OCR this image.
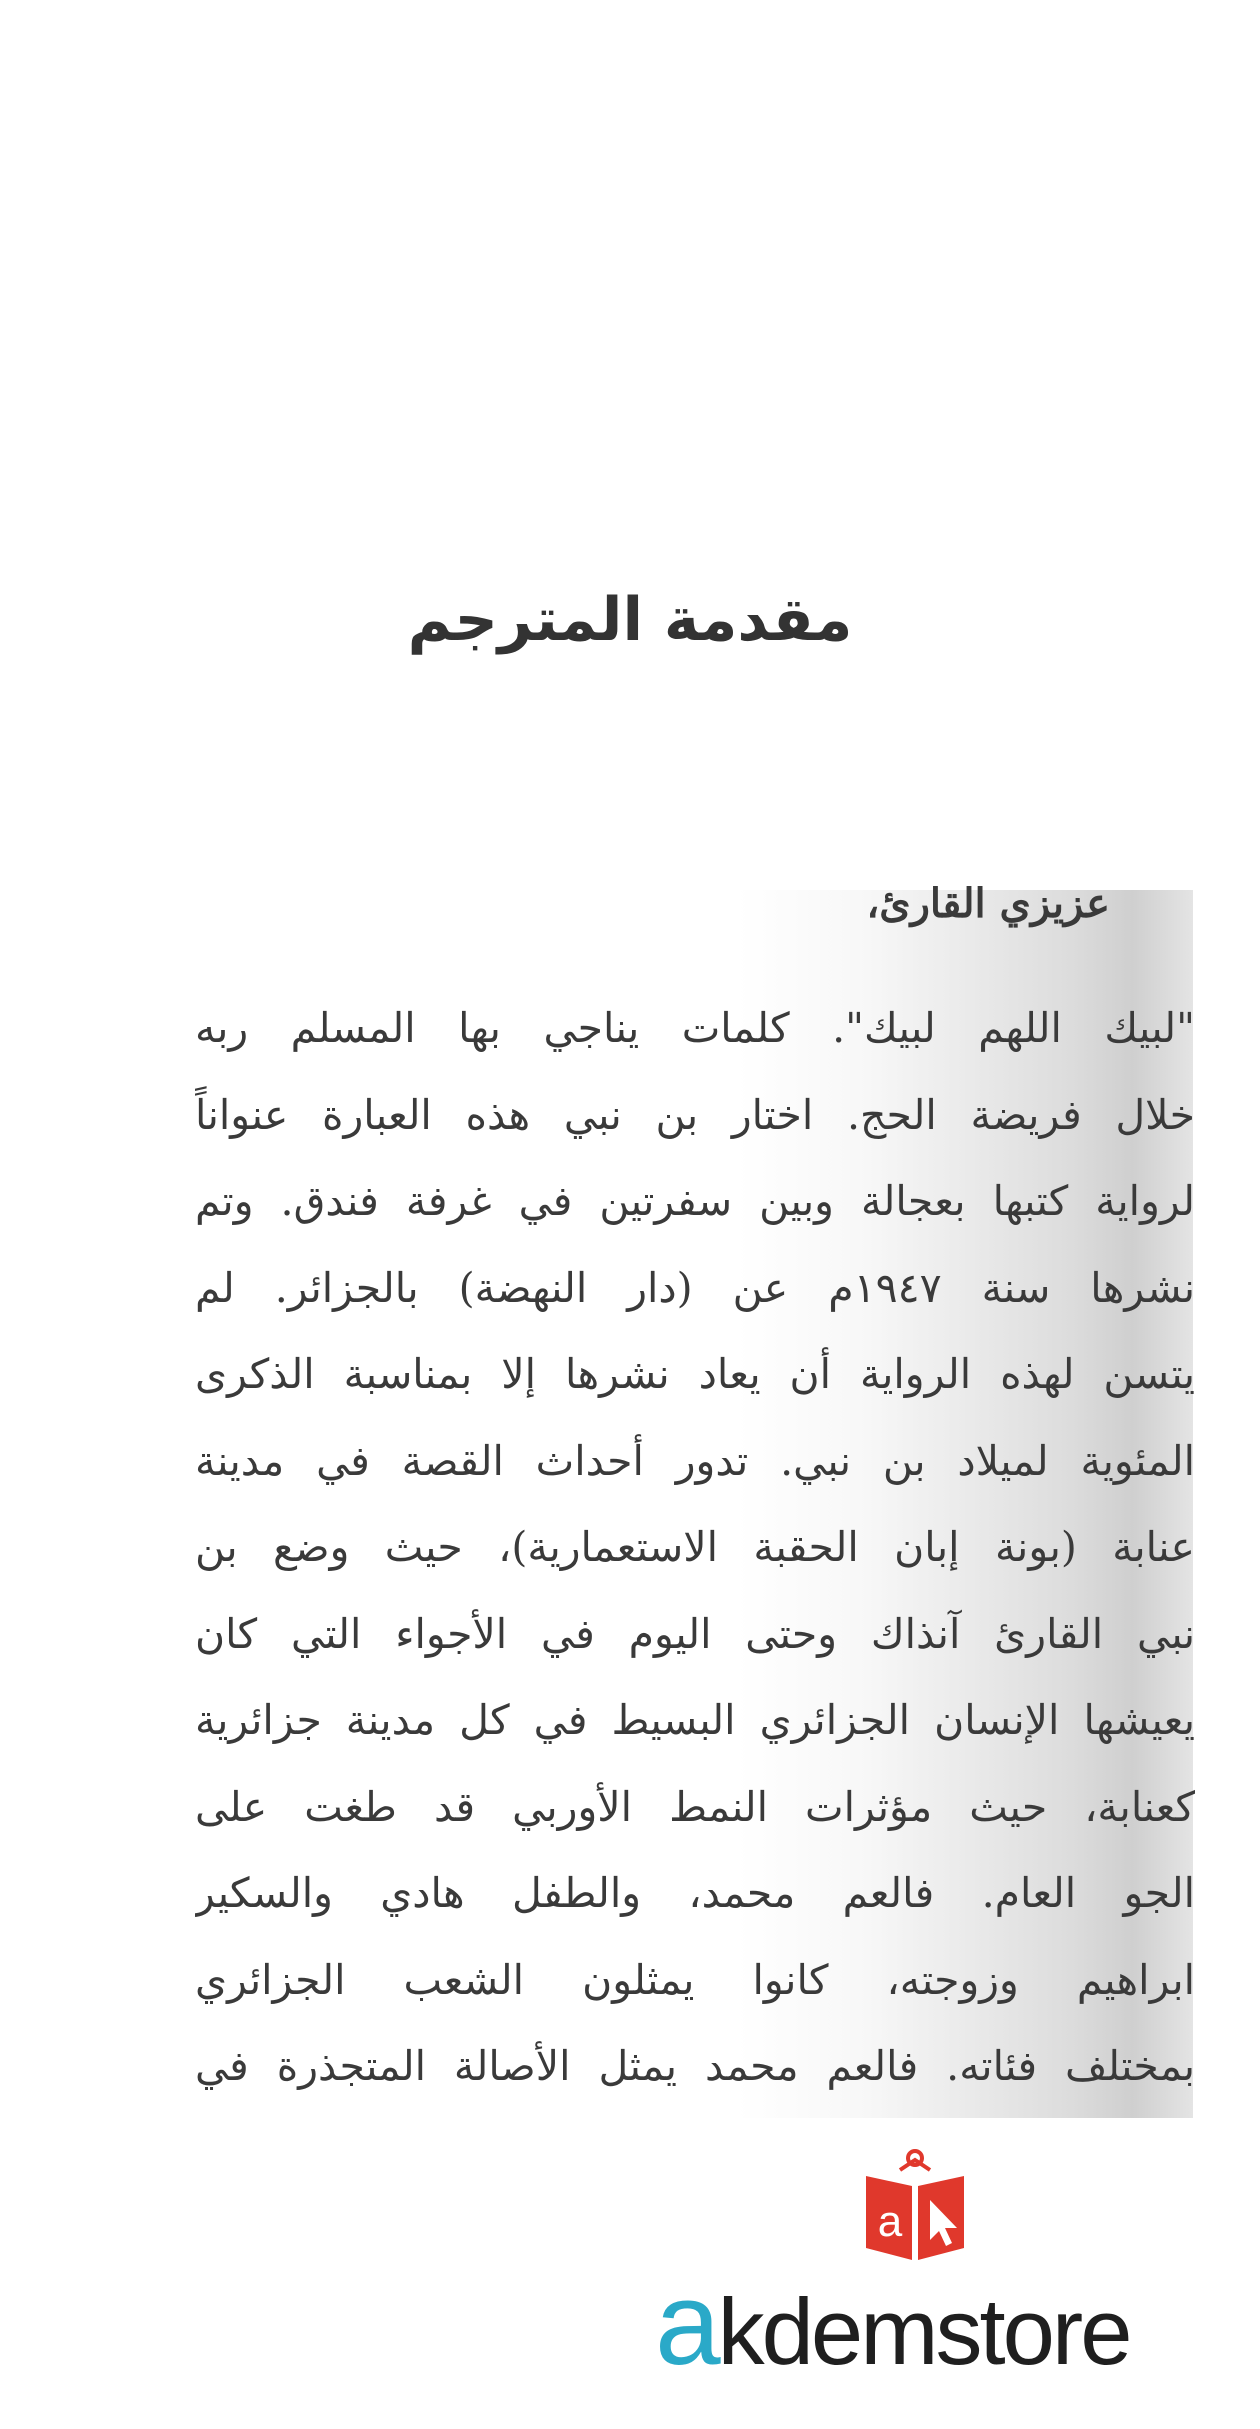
مقدمة المترجم
عزيزي القارئ،
"لبيك اللهم لبيك". كلمات يناجي بها المسلم ربه
خلال فريضة الحج. اختار بن نبي هذه العبارة عنواناً
لرواية كتبها بعجالة وبين سفرتين في غرفة فندق. وتم
نشرها سنة ١٩٤٧م عن (دار النهضة) بالجزائر. لم
يتسن لهذه الرواية أن يعاد نشرها إلا بمناسبة الذكرى
المئوية لميلاد بن نبي. تدور أحداث القصة في مدينة
عنابة (بونة إبان الحقبة الاستعمارية)، حيث وضع بن
نبي القارئ آنذاك وحتى اليوم في الأجواء التي كان
يعيشها الإنسان الجزائري البسيط في كل مدينة جزائرية
كعنابة، حيث مؤثرات النمط الأوربي قد طغت على
الجو العام. فالعم محمد، والطفل هادي والسكير
ابراهيم وزوجته، كانوا يمثلون الشعب الجزائري
بمختلف فئاته. فالعم محمد يمثل الأصالة المتجذرة في
a
akdemstore
